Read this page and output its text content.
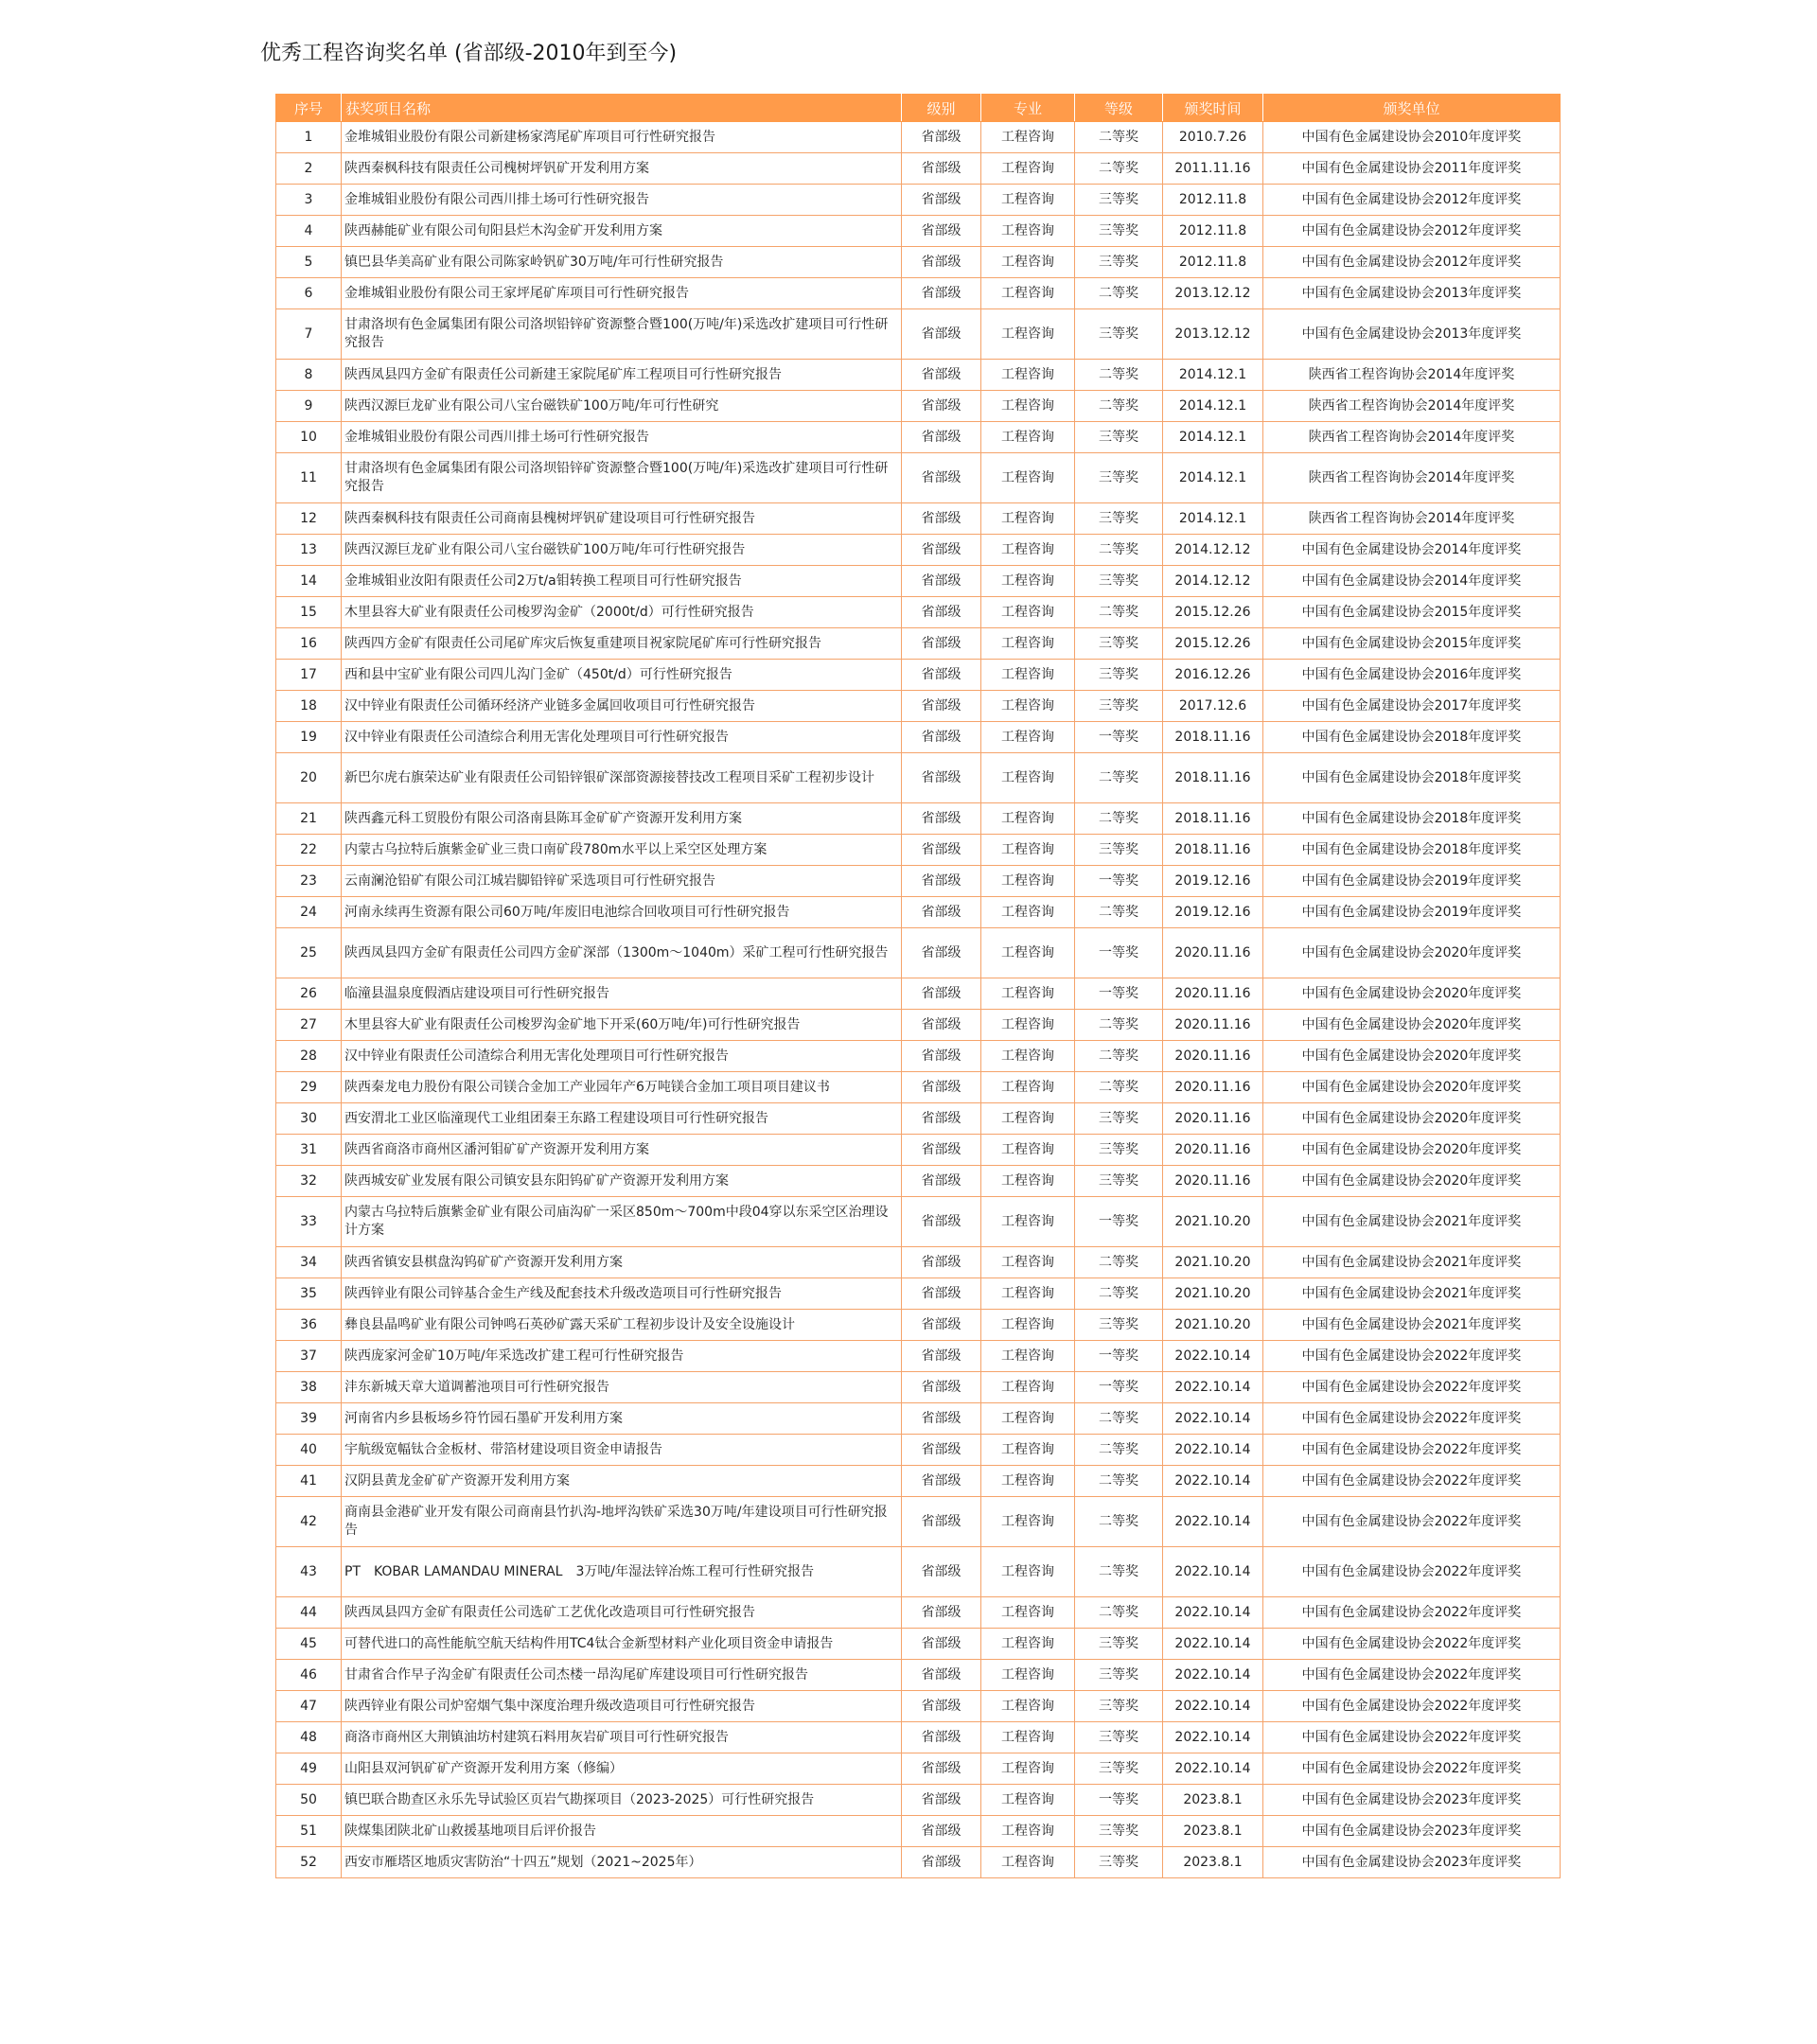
优秀工程咨询奖名单 (省部级-2010年到至今)
序号	获奖项目名称	级别	专业	等级	颁奖时间	颁奖单位
1	金堆城钼业股份有限公司新建杨家湾尾矿库项目可行性研究报告	省部级	工程咨询	二等奖	2010.7.26	中国有色金属建设协会2010年度评奖
2	陕西秦枫科技有限责任公司槐树坪钒矿开发利用方案	省部级	工程咨询	二等奖	2011.11.16	中国有色金属建设协会2011年度评奖
3	金堆城钼业股份有限公司西川排土场可行性研究报告	省部级	工程咨询	三等奖	2012.11.8	中国有色金属建设协会2012年度评奖
4	陕西赫能矿业有限公司旬阳县烂木沟金矿开发利用方案	省部级	工程咨询	三等奖	2012.11.8	中国有色金属建设协会2012年度评奖
5	镇巴县华美高矿业有限公司陈家岭钒矿30万吨/年可行性研究报告	省部级	工程咨询	三等奖	2012.11.8	中国有色金属建设协会2012年度评奖
6	金堆城钼业股份有限公司王家坪尾矿库项目可行性研究报告	省部级	工程咨询	二等奖	2013.12.12	中国有色金属建设协会2013年度评奖
7	甘肃洛坝有色金属集团有限公司洛坝铅锌矿资源整合暨100(万吨/年)采选改扩建项目可行性研究报告	省部级	工程咨询	三等奖	2013.12.12	中国有色金属建设协会2013年度评奖
8	陕西凤县四方金矿有限责任公司新建王家院尾矿库工程项目可行性研究报告	省部级	工程咨询	二等奖	2014.12.1	陕西省工程咨询协会2014年度评奖
9	陕西汉源巨龙矿业有限公司八宝台磁铁矿100万吨/年可行性研究	省部级	工程咨询	二等奖	2014.12.1	陕西省工程咨询协会2014年度评奖
10	金堆城钼业股份有限公司西川排土场可行性研究报告	省部级	工程咨询	三等奖	2014.12.1	陕西省工程咨询协会2014年度评奖
11	甘肃洛坝有色金属集团有限公司洛坝铅锌矿资源整合暨100(万吨/年)采选改扩建项目可行性研究报告	省部级	工程咨询	三等奖	2014.12.1	陕西省工程咨询协会2014年度评奖
12	陕西秦枫科技有限责任公司商南县槐树坪钒矿建设项目可行性研究报告	省部级	工程咨询	三等奖	2014.12.1	陕西省工程咨询协会2014年度评奖
13	陕西汉源巨龙矿业有限公司八宝台磁铁矿100万吨/年可行性研究报告	省部级	工程咨询	二等奖	2014.12.12	中国有色金属建设协会2014年度评奖
14	金堆城钼业汝阳有限责任公司2万t/a钼转换工程项目可行性研究报告	省部级	工程咨询	三等奖	2014.12.12	中国有色金属建设协会2014年度评奖
15	木里县容大矿业有限责任公司梭罗沟金矿（2000t/d）可行性研究报告	省部级	工程咨询	二等奖	2015.12.26	中国有色金属建设协会2015年度评奖
16	陕西四方金矿有限责任公司尾矿库灾后恢复重建项目祝家院尾矿库可行性研究报告	省部级	工程咨询	三等奖	2015.12.26	中国有色金属建设协会2015年度评奖
17	西和县中宝矿业有限公司四儿沟门金矿（450t/d）可行性研究报告	省部级	工程咨询	三等奖	2016.12.26	中国有色金属建设协会2016年度评奖
18	汉中锌业有限责任公司循环经济产业链多金属回收项目可行性研究报告	省部级	工程咨询	三等奖	2017.12.6	中国有色金属建设协会2017年度评奖
19	汉中锌业有限责任公司渣综合利用无害化处理项目可行性研究报告	省部级	工程咨询	一等奖	2018.11.16	中国有色金属建设协会2018年度评奖
20	新巴尔虎右旗荣达矿业有限责任公司铅锌银矿深部资源接替技改工程项目采矿工程初步设计	省部级	工程咨询	二等奖	2018.11.16	中国有色金属建设协会2018年度评奖
21	陕西鑫元科工贸股份有限公司洛南县陈耳金矿矿产资源开发利用方案	省部级	工程咨询	二等奖	2018.11.16	中国有色金属建设协会2018年度评奖
22	内蒙古乌拉特后旗紫金矿业三贵口南矿段780m水平以上采空区处理方案	省部级	工程咨询	三等奖	2018.11.16	中国有色金属建设协会2018年度评奖
23	云南澜沧铅矿有限公司江城岩脚铅锌矿采选项目可行性研究报告	省部级	工程咨询	一等奖	2019.12.16	中国有色金属建设协会2019年度评奖
24	河南永续再生资源有限公司60万吨/年废旧电池综合回收项目可行性研究报告	省部级	工程咨询	二等奖	2019.12.16	中国有色金属建设协会2019年度评奖
25	陕西凤县四方金矿有限责任公司四方金矿深部（1300m～1040m）采矿工程可行性研究报告	省部级	工程咨询	一等奖	2020.11.16	中国有色金属建设协会2020年度评奖
26	临潼县温泉度假酒店建设项目可行性研究报告	省部级	工程咨询	一等奖	2020.11.16	中国有色金属建设协会2020年度评奖
27	木里县容大矿业有限责任公司梭罗沟金矿地下开采(60万吨/年)可行性研究报告	省部级	工程咨询	二等奖	2020.11.16	中国有色金属建设协会2020年度评奖
28	汉中锌业有限责任公司渣综合利用无害化处理项目可行性研究报告	省部级	工程咨询	二等奖	2020.11.16	中国有色金属建设协会2020年度评奖
29	陕西秦龙电力股份有限公司镁合金加工产业园年产6万吨镁合金加工项目项目建议书	省部级	工程咨询	二等奖	2020.11.16	中国有色金属建设协会2020年度评奖
30	西安渭北工业区临潼现代工业组团秦王东路工程建设项目可行性研究报告	省部级	工程咨询	三等奖	2020.11.16	中国有色金属建设协会2020年度评奖
31	陕西省商洛市商州区潘河钼矿矿产资源开发利用方案	省部级	工程咨询	三等奖	2020.11.16	中国有色金属建设协会2020年度评奖
32	陕西城安矿业发展有限公司镇安县东阳钨矿矿产资源开发利用方案	省部级	工程咨询	三等奖	2020.11.16	中国有色金属建设协会2020年度评奖
33	内蒙古乌拉特后旗紫金矿业有限公司庙沟矿一采区850m～700m中段04穿以东采空区治理设计方案	省部级	工程咨询	一等奖	2021.10.20	中国有色金属建设协会2021年度评奖
34	陕西省镇安县棋盘沟钨矿矿产资源开发利用方案	省部级	工程咨询	二等奖	2021.10.20	中国有色金属建设协会2021年度评奖
35	陕西锌业有限公司锌基合金生产线及配套技术升级改造项目可行性研究报告	省部级	工程咨询	二等奖	2021.10.20	中国有色金属建设协会2021年度评奖
36	彝良县晶鸣矿业有限公司钟鸣石英砂矿露天采矿工程初步设计及安全设施设计	省部级	工程咨询	三等奖	2021.10.20	中国有色金属建设协会2021年度评奖
37	陕西庞家河金矿10万吨/年采选改扩建工程可行性研究报告	省部级	工程咨询	一等奖	2022.10.14	中国有色金属建设协会2022年度评奖
38	沣东新城天章大道调蓄池项目可行性研究报告	省部级	工程咨询	一等奖	2022.10.14	中国有色金属建设协会2022年度评奖
39	河南省内乡县板场乡符竹园石墨矿开发利用方案	省部级	工程咨询	二等奖	2022.10.14	中国有色金属建设协会2022年度评奖
40	宇航级宽幅钛合金板材、带箔材建设项目资金申请报告	省部级	工程咨询	二等奖	2022.10.14	中国有色金属建设协会2022年度评奖
41	汉阴县黄龙金矿矿产资源开发利用方案	省部级	工程咨询	二等奖	2022.10.14	中国有色金属建设协会2022年度评奖
42	商南县金港矿业开发有限公司商南县竹扒沟-地坪沟铁矿采选30万吨/年建设项目可行性研究报告	省部级	工程咨询	二等奖	2022.10.14	中国有色金属建设协会2022年度评奖
43	PT　KOBAR LAMANDAU MINERAL　3万吨/年湿法锌冶炼工程可行性研究报告	省部级	工程咨询	二等奖	2022.10.14	中国有色金属建设协会2022年度评奖
44	陕西凤县四方金矿有限责任公司选矿工艺优化改造项目可行性研究报告	省部级	工程咨询	二等奖	2022.10.14	中国有色金属建设协会2022年度评奖
45	可替代进口的高性能航空航天结构件用TC4钛合金新型材料产业化项目资金申请报告	省部级	工程咨询	三等奖	2022.10.14	中国有色金属建设协会2022年度评奖
46	甘肃省合作早子沟金矿有限责任公司杰楼一昂沟尾矿库建设项目可行性研究报告	省部级	工程咨询	三等奖	2022.10.14	中国有色金属建设协会2022年度评奖
47	陕西锌业有限公司炉窑烟气集中深度治理升级改造项目可行性研究报告	省部级	工程咨询	三等奖	2022.10.14	中国有色金属建设协会2022年度评奖
48	商洛市商州区大荆镇油坊村建筑石料用灰岩矿项目可行性研究报告	省部级	工程咨询	三等奖	2022.10.14	中国有色金属建设协会2022年度评奖
49	山阳县双河钒矿矿产资源开发利用方案（修编）	省部级	工程咨询	三等奖	2022.10.14	中国有色金属建设协会2022年度评奖
50	镇巴联合勘查区永乐先导试验区页岩气勘探项目（2023-2025）可行性研究报告	省部级	工程咨询	一等奖	2023.8.1	中国有色金属建设协会2023年度评奖
51	陕煤集团陕北矿山救援基地项目后评价报告	省部级	工程咨询	三等奖	2023.8.1	中国有色金属建设协会2023年度评奖
52	西安市雁塔区地质灾害防治“十四五”规划（2021~2025年）	省部级	工程咨询	三等奖	2023.8.1	中国有色金属建设协会2023年度评奖
